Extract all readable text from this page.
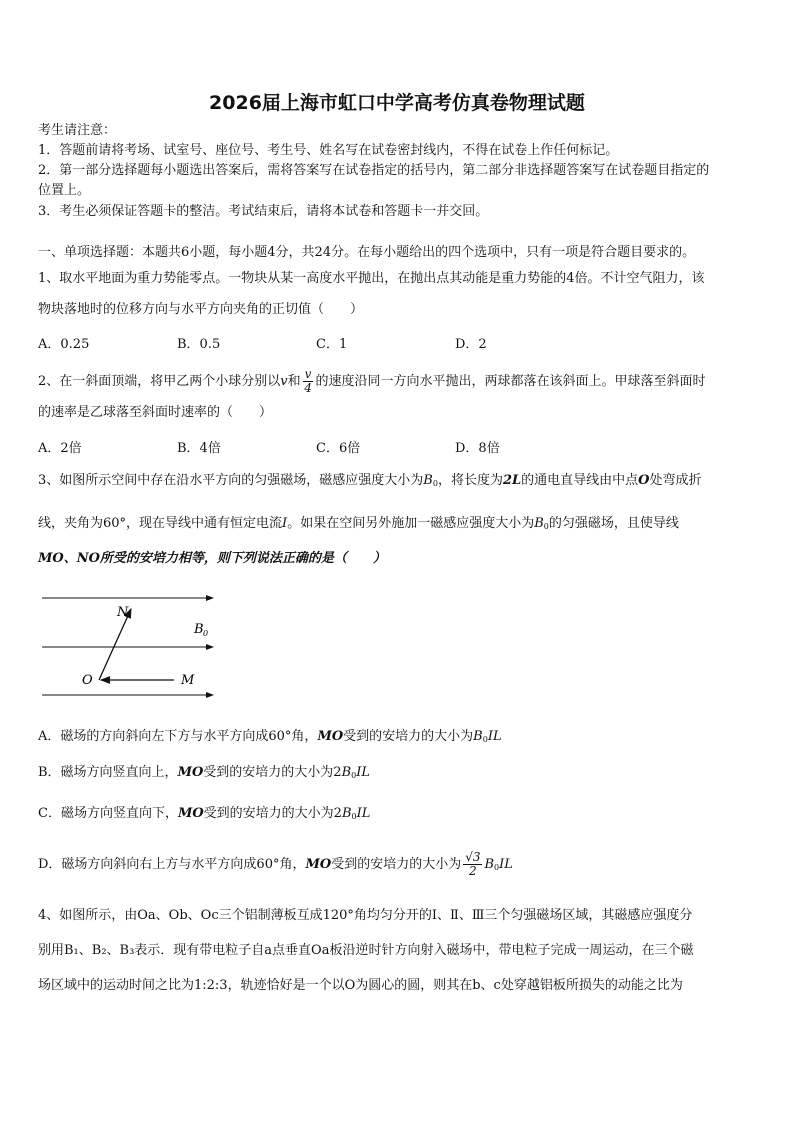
2026届上海市虹口中学高考仿真卷物理试题
考生请注意：
1．答题前请将考场、试室号、座位号、考生号、姓名写在试卷密封线内，不得在试卷上作任何标记。
2．第一部分选择题每小题选出答案后，需将答案写在试卷指定的括号内，第二部分非选择题答案写在试卷题目指定的
位置上。
3．考生必须保证答题卡的整洁。考试结束后，请将本试卷和答题卡一并交回。
一、单项选择题：本题共6小题，每小题4分，共24分。在每小题给出的四个选项中，只有一项是符合题目要求的。
1、取水平地面为重力势能零点。一物块从某一高度水平抛出，在抛出点其动能是重力势能的4倍。不计空气阻力，该
物块落地时的位移方向与水平方向夹角的正切值（　　）
A．0.25	B．0.5	C．1	D．2
2、在一斜面顶端，将甲乙两个小球分别以v和 $\frac{v}{4}$ 的速度沿同一方向水平抛出，两球都落在该斜面上。甲球落至斜面时
的速率是乙球落至斜面时速率的（　　）
A．2倍	B．4倍	C．6倍	D．8倍
3、如图所示空间中存在沿水平方向的匀强磁场，磁感应强度大小为$B_0$，将长度为2L的通电直导线由中点O处弯成折
线，夹角为60°，现在导线中通有恒定电流I。如果在空间另外施加一磁感应强度大小为$B_0$的匀强磁场，且使导线
MO、NO所受的安培力相等，则下列说法正确的是（　　）
N
B 0
O	M
A．磁场的方向斜向左下方与水平方向成60°角，MO受到的安培力的大小为$B_0IL$
B．磁场方向竖直向上，MO受到的安培力的大小为$2B_0IL$
C．磁场方向竖直向下，MO受到的安培力的大小为$2B_0IL$
D．磁场方向斜向右上方与水平方向成60°角，MO受到的安培力的大小为 $\frac{√3}{2} B_0IL$
4、如图所示，由Oa、Ob、Oc三个铝制薄板互成120°角均匀分开的Ⅰ、Ⅱ、Ⅲ三个匀强磁场区域，其磁感应强度分
别用B₁、B₂、B₃表示．现有带电粒子自a点垂直Oa板沿逆时针方向射入磁场中，带电粒子完成一周运动，在三个磁
场区域中的运动时间之比为1:2:3，轨迹恰好是一个以O为圆心的圆，则其在b、c处穿越铝板所损失的动能之比为
